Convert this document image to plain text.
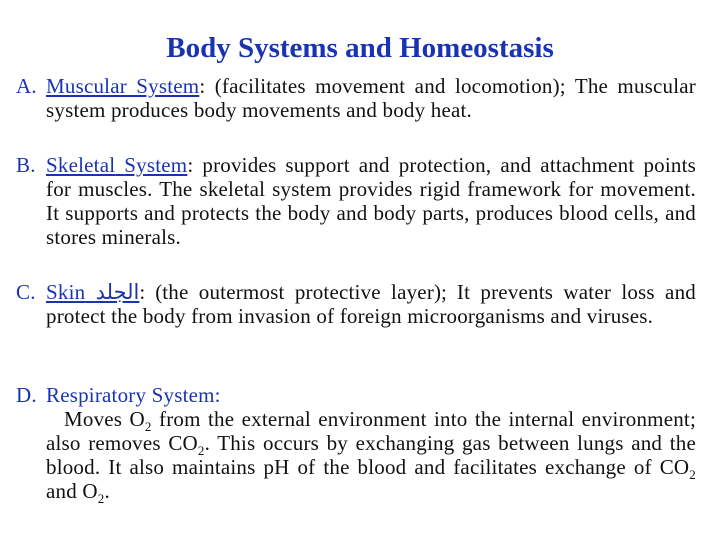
Body Systems and Homeostasis

A. Muscular System: (facilitates movement and locomotion); The muscular system produces body movements and body heat.

B. Skeletal System: provides support and protection, and attachment points for muscles. The skeletal system provides rigid framework for movement. It supports and protects the body and body parts, produces blood cells, and stores minerals.

C. Skin الجلد: (the outermost protective layer); It prevents water loss and protect the body from invasion of foreign microorganisms and viruses.

D. Respiratory System:

Moves $O_2$ from the external environment into the internal environment; also removes $CO_2$. This occurs by exchanging gas between lungs and the blood. It also maintains pH of the blood and facilitates exchange of $CO_2$ and $O_2$.
